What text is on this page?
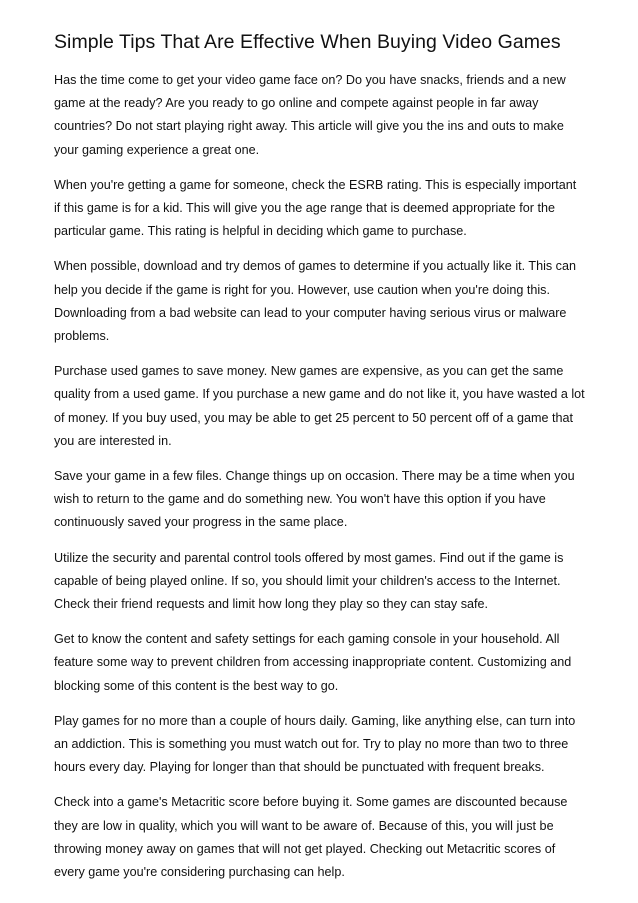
Simple Tips That Are Effective When Buying Video Games

Has the time come to get your video game face on? Do you have snacks, friends and a new game at the ready? Are you ready to go online and compete against people in far away countries? Do not start playing right away. This article will give you the ins and outs to make your gaming experience a great one.

When you're getting a game for someone, check the ESRB rating. This is especially important if this game is for a kid. This will give you the age range that is deemed appropriate for the particular game. This rating is helpful in deciding which game to purchase.

When possible, download and try demos of games to determine if you actually like it. This can help you decide if the game is right for you. However, use caution when you're doing this. Downloading from a bad website can lead to your computer having serious virus or malware problems.

Purchase used games to save money. New games are expensive, as you can get the same quality from a used game. If you purchase a new game and do not like it, you have wasted a lot of money. If you buy used, you may be able to get 25 percent to 50 percent off of a game that you are interested in.

Save your game in a few files. Change things up on occasion. There may be a time when you wish to return to the game and do something new. You won't have this option if you have continuously saved your progress in the same place.

Utilize the security and parental control tools offered by most games. Find out if the game is capable of being played online. If so, you should limit your children's access to the Internet. Check their friend requests and limit how long they play so they can stay safe.

Get to know the content and safety settings for each gaming console in your household. All feature some way to prevent children from accessing inappropriate content. Customizing and blocking some of this content is the best way to go.

Play games for no more than a couple of hours daily. Gaming, like anything else, can turn into an addiction. This is something you must watch out for. Try to play no more than two to three hours every day. Playing for longer than that should be punctuated with frequent breaks.

Check into a game's Metacritic score before buying it. Some games are discounted because they are low in quality, which you will want to be aware of. Because of this, you will just be throwing money away on games that will not get played. Checking out Metacritic scores of every game you're considering purchasing can help.
